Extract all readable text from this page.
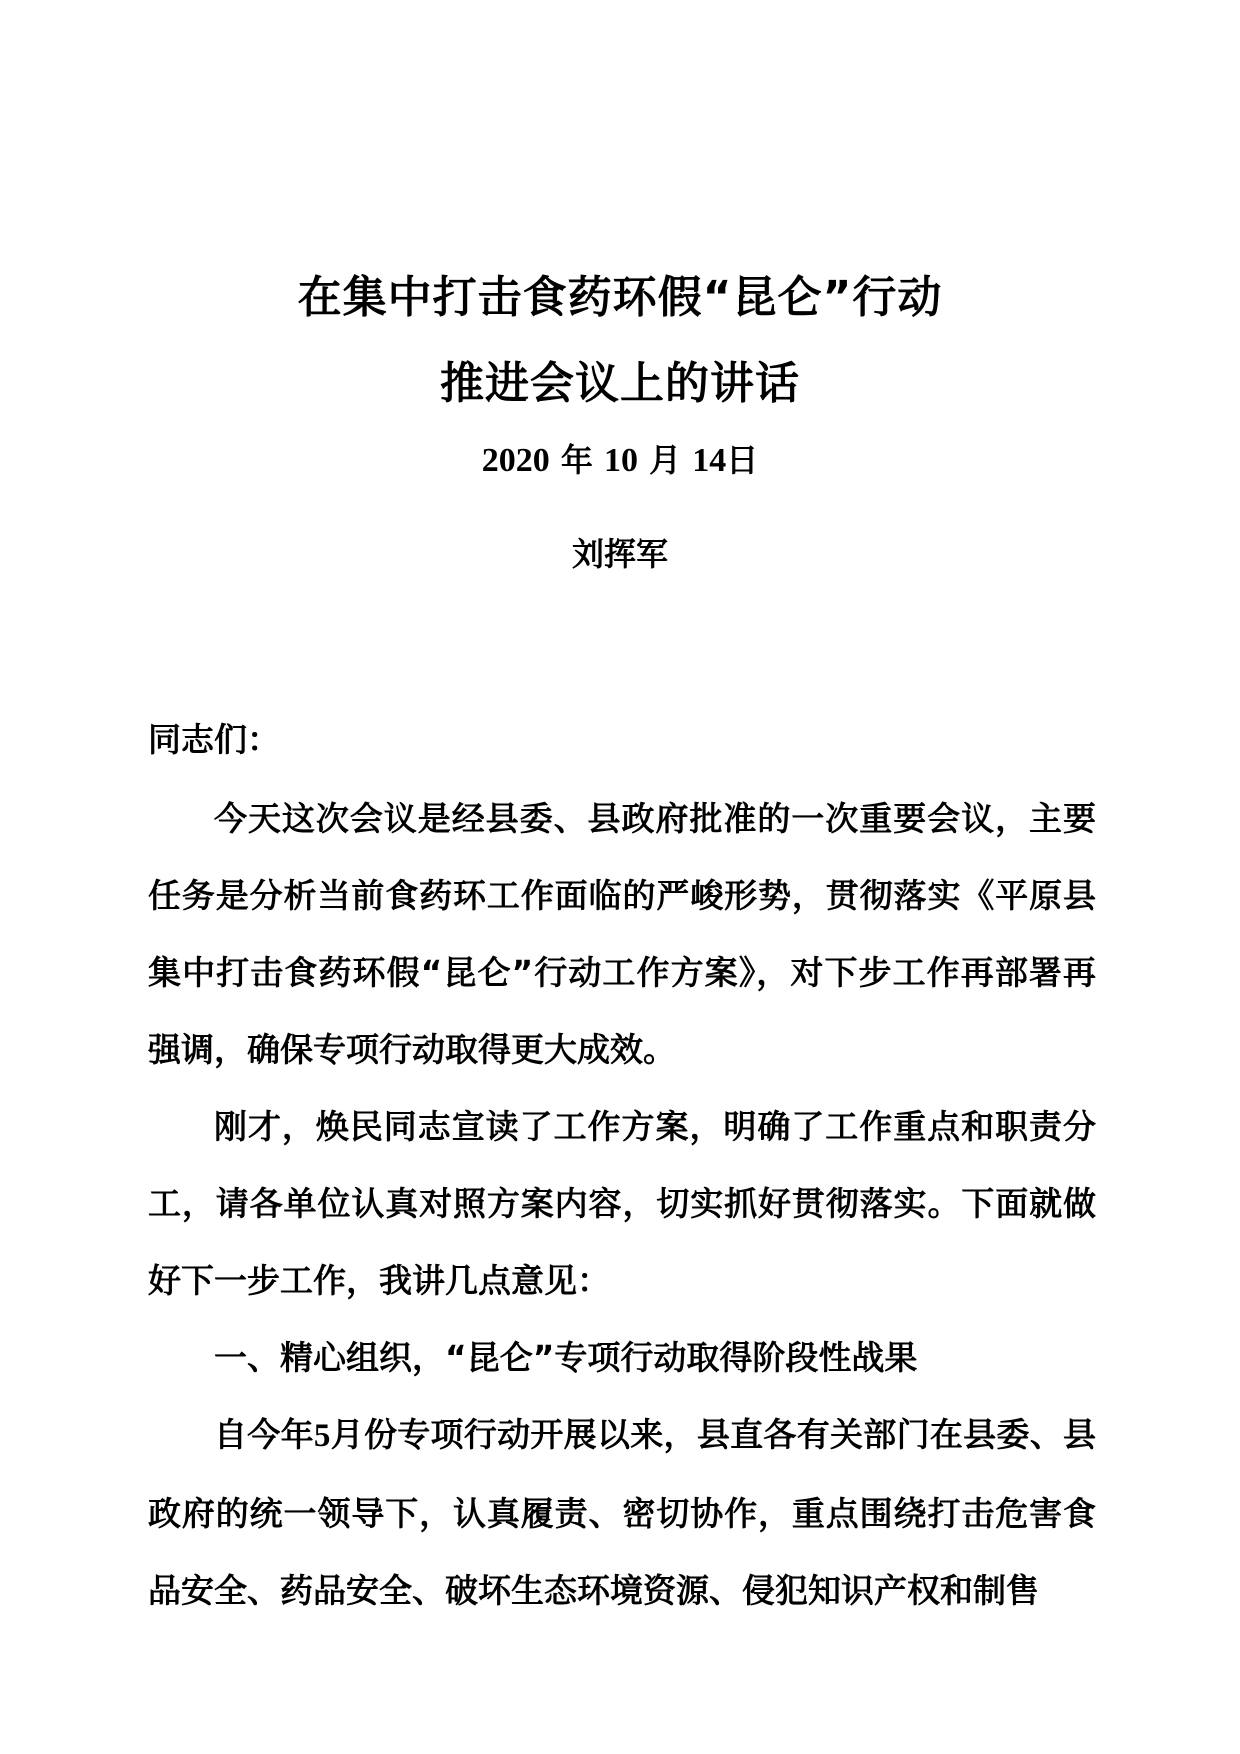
在集中打击食药环假“昆仑”行动
推进会议上的讲话
2020 年 10 月 14日
刘挥军

同志们：

今天这次会议是经县委、县政府批准的一次重要会议，主要任务是分析当前食药环工作面临的严峻形势，贯彻落实《平原县集中打击食药环假“昆仑”行动工作方案》，对下步工作再部署再强调，确保专项行动取得更大成效。

刚才，焕民同志宣读了工作方案，明确了工作重点和职责分工，请各单位认真对照方案内容，切实抓好贯彻落实。下面就做好下一步工作，我讲几点意见：

一、精心组织，“昆仑”专项行动取得阶段性战果

自今年5月份专项行动开展以来，县直各有关部门在县委、县政府的统一领导下，认真履责、密切协作，重点围绕打击危害食品安全、药品安全、破坏生态环境资源、侵犯知识产权和制售
